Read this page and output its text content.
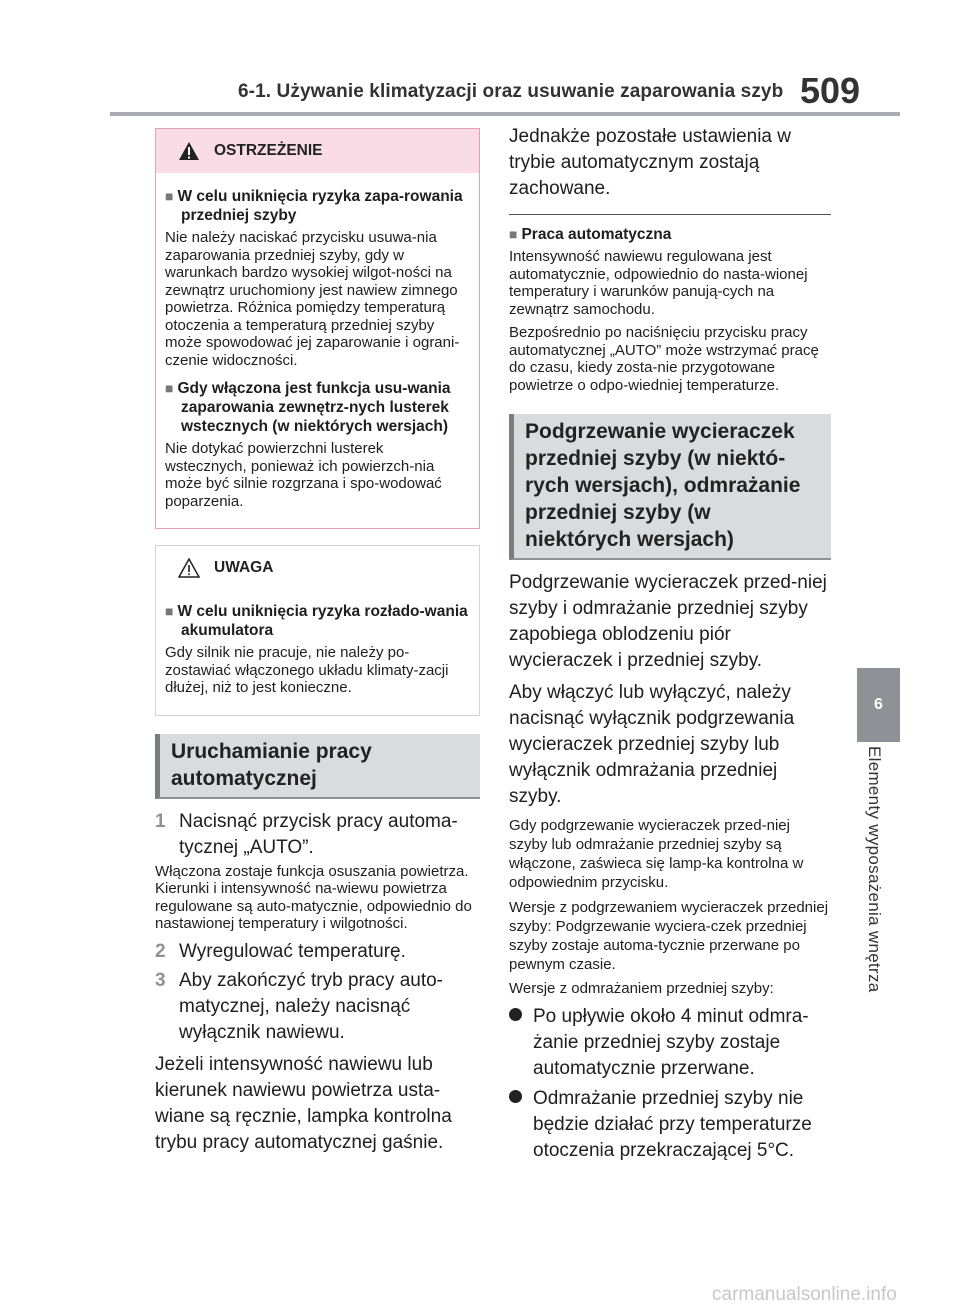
6-1. Używanie klimatyzacji oraz usuwanie zaparowania szyb 509
6
Elementy wyposażenia wnętrza
OSTRZEŻENIE
■ W celu uniknięcia ryzyka zapa-rowania przedniej szyby

Nie należy naciskać przycisku usuwa-nia zaparowania przedniej szyby, gdy w warunkach bardzo wysokiej wilgot-ności na zewnątrz uruchomiony jest nawiew zimnego powietrza. Różnica pomiędzy temperaturą otoczenia a temperaturą przedniej szyby może spowodować jej zaparowanie i ograni-czenie widoczności.

■ Gdy włączona jest funkcja usu-wania zaparowania zewnętrz-nych lusterek wstecznych (w niektórych wersjach)

Nie dotykać powierzchni lusterek wstecznych, ponieważ ich powierzch-nia może być silnie rozgrzana i spo-wodować poparzenia.

UWAGA
■ W celu uniknięcia ryzyka rozłado-wania akumulatora

Gdy silnik nie pracuje, nie należy po-zostawiać włączonego układu klimaty-zacji dłużej, niż to jest konieczne.

Uruchamianie pracy automatycznej
1 Nacisnąć przycisk pracy automa-tycznej „AUTO”.

Włączona zostaje funkcja osuszania powietrza. Kierunki i intensywność na-wiewu powietrza regulowane są auto-matycznie, odpowiednio do nastawionej temperatury i wilgotności.

2 Wyregulować temperaturę.
3 Aby zakończyć tryb pracy auto-matycznej, należy nacisnąć wyłącznik nawiewu.

Jeżeli intensywność nawiewu lub kierunek nawiewu powietrza usta-wiane są ręcznie, lampka kontrolna trybu pracy automatycznej gaśnie.

Jednakże pozostałe ustawienia w trybie automatycznym zostają zachowane.

■ Praca automatyczna

Intensywność nawiewu regulowana jest automatycznie, odpowiednio do nasta-wionej temperatury i warunków panują-cych na zewnątrz samochodu.

Bezpośrednio po naciśnięciu przycisku pracy automatycznej „AUTO” może wstrzymać pracę do czasu, kiedy zosta-nie przygotowane powietrze o odpo-wiedniej temperaturze.

Podgrzewanie wycieraczek przedniej szyby (w niektó-rych wersjach), odmrażanie przedniej szyby (w niektórych wersjach)

Podgrzewanie wycieraczek przed-niej szyby i odmrażanie przedniej szyby zapobiega oblodzeniu piór wycieraczek i przedniej szyby.

Aby włączyć lub wyłączyć, należy nacisnąć wyłącznik podgrzewania wycieraczek przedniej szyby lub wyłącznik odmrażania przedniej szyby.

Gdy podgrzewanie wycieraczek przed-niej szyby lub odmrażanie przedniej szyby są włączone, zaświeca się lamp-ka kontrolna w odpowiednim przycisku.

Wersje z podgrzewaniem wycieraczek przedniej szyby: Podgrzewanie wyciera-czek przedniej szyby zostaje automa-tycznie przerwane po pewnym czasie.

Wersje z odmrażaniem przedniej szyby:

Po upływie około 4 minut odmra-żanie przedniej szyby zostaje automatycznie przerwane.
Odmrażanie przedniej szyby nie będzie działać przy temperaturze otoczenia przekraczającej 5°C.
carmanualsonline.info
